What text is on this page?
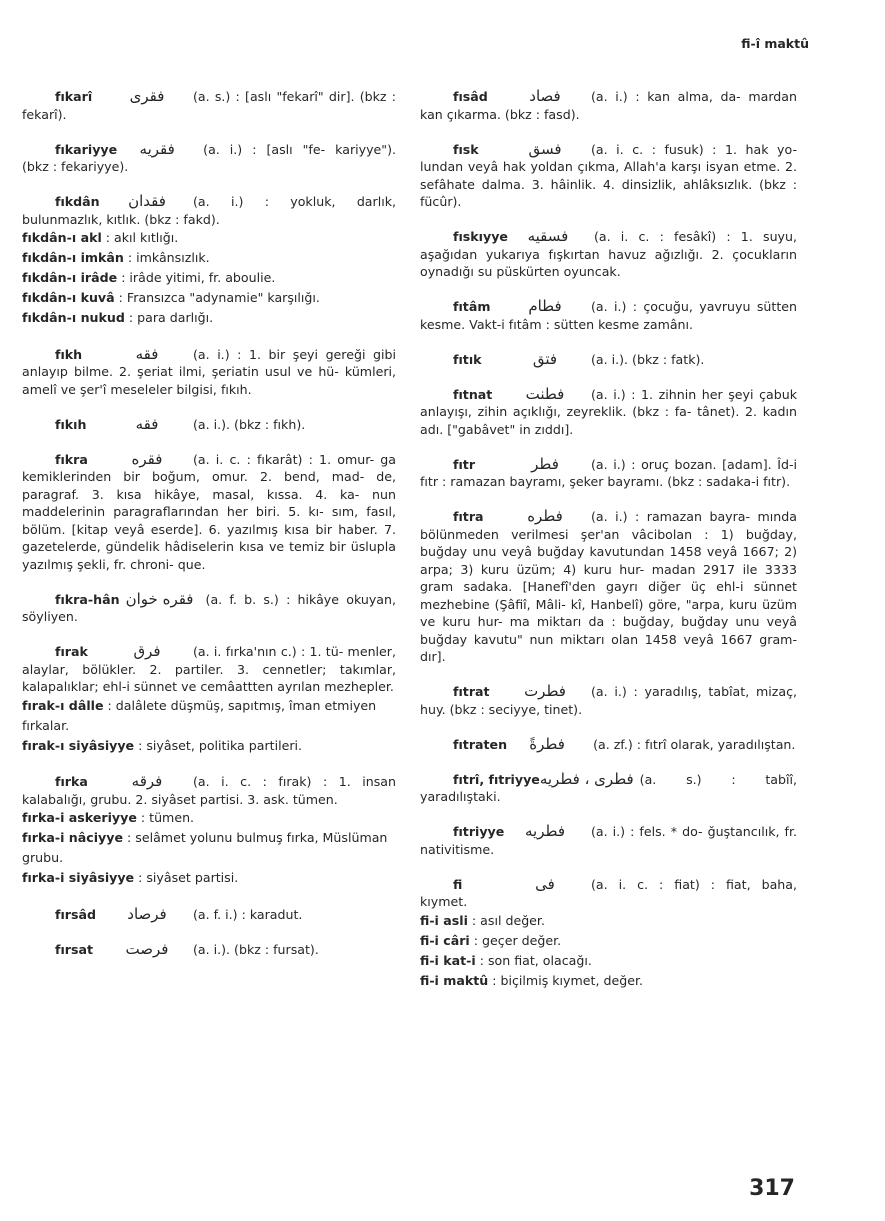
fi-î maktû

fıkarî فقرى (a. s.) : [aslı "fekarî" dir]. (bkz : fekarî).

fıkariyye فقريه (a. i.) : [aslı "fe- kariyye"). (bkz : fekariyye).

fıkdân فقدان (a. i.) : yokluk, darlık, bulunmazlık, kıtlık. (bkz : fakd).

fıkdân-ı akl : akıl kıtlığı.

fıkdân-ı imkân : imkânsızlık.

fıkdân-ı irâde : irâde yitimi, fr. aboulie.

fıkdân-ı kuvâ : Fransızca "adynamie" karşılığı.

fıkdân-ı nukud : para darlığı.

fıkh	فقه	(a. i.) : 1. bir şeyi gereği gibi anlayıp bilme. 2. şeriat ilmi, şeriatin usul ve hü- kümleri, amelî ve şer'î meseleler bilgisi, fıkıh.

fıkıh	فقه	(a. i.). (bkz : fıkh).

fıkra	فقره (a. i. c. : fıkarât) : 1. omur- ga kemiklerinden bir boğum, omur. 2. bend, mad- de, paragraf. 3. kısa hikâye, masal, kıssa. 4. ka- nun maddelerinin paragraflarından her biri. 5. kı- sım, fasıl, bölüm. [kitap veyâ eserde]. 6. yazılmış kısa bir haber. 7. gazetelerde, gündelik hâdiselerin kısa ve temiz bir üslupla yazılmış şekli, fr. chroni- que.

fıkra-hân فقره خوان (a. f. b. s.) : hikâye okuyan, söyliyen.

fırak	فرق	(a. i. fırka'nın c.) : 1. tü- menler, alaylar, bölükler. 2. partiler. 3. cennetler; takımlar, kalapalıklar; ehl-i sünnet ve cemâattten ayrılan mezhepler.

fırak-ı dâlle : dalâlete düşmüş, sapıtmış, îman etmiyen fırkalar.

fırak-ı siyâsiyye : siyâset, politika partileri.

fırka	فرقه (a. i. c. : fırak) : 1. insan kalabalığı, grubu. 2. siyâset partisi. 3. ask. tümen.

fırka-i askeriyye : tümen.

fırka-i nâciyye : selâmet yolunu bulmuş fırka, Müslüman grubu.

fırka-i siyâsiyye : siyâset partisi.

fırsâd فرصاد (a. f. i.) : karadut.

fırsat فرصت (a. i.). (bkz : fursat).

fısâd	فصاد (a. i.) : kan alma, da- mardan kan çıkarma. (bkz : fasd).

fısk	فسق (a. i. c. : fusuk) : 1. hak yo- lundan veyâ hak yoldan çıkma, Allah'a karşı isyan etme. 2. sefâhate dalma. 3. hâinlik. 4. dinsizlik, ahlâksızlık. (bkz : fücûr).

fıskıyye فسقيه (a. i. c. : fesâkî) : 1. suyu, aşağıdan yukarıya fışkırtan havuz ağızlığı. 2. çocukların oynadığı su püskürten oyuncak.

fıtâm	فطام (a. i.) : çocuğu, yavruyu sütten kesme. Vakt-i fıtâm : sütten kesme zamânı.

fıtık	فتق	(a. i.). (bkz : fatk).

fıtnat فطنت (a. i.) : 1. zihnin her şeyi çabuk anlayışı, zihin açıklığı, zeyreklik. (bkz : fa- tânet). 2. kadın adı. ["gabâvet" in zıddı].

fıtr	فطر	(a. i.) : oruç bozan. [adam]. Îd-i fıtr : ramazan bayramı, şeker bayramı. (bkz : sadaka-i fıtr).

fıtra	فطره (a. i.) : ramazan bayra- mında bölünmeden verilmesi şer'an vâcibolan : 1) buğday, buğday unu veyâ buğday kavutundan 1458 veyâ 1667; 2) arpa; 3) kuru üzüm; 4) kuru hur- madan 2917 ile 3333 gram sadaka. [Hanefî'den gayrı diğer üç ehl-i sünnet mezhebine (Şâfiî, Mâli- kî, Hanbelî) göre, "arpa, kuru üzüm ve kuru hur- ma miktarı da : buğday, buğday unu veyâ buğday kavutu" nun miktarı olan 1458 veyâ 1667 gram- dır].

fıtrat فطرت (a. i.) : yaradılış, tabîat, mizaç, huy. (bkz : seciyye, tinet).

fıtraten فطرةً (a. zf.) : fıtrî olarak, yaradılıştan.

fıtrî, fıtriyyeفطرى ، فطريه (a. s.) : tabîî, yaradılıştaki.

fıtriyye فطريه (a. i.) : fels. * do- ğuştancılık, fr. nativitisme.

fi	فى	(a. i. c. : fiat) : fiat, baha, kıymet.

fi-i asli : asıl değer.

fi-i câri : geçer değer.

fi-i kat-i : son fiat, olacağı.

fi-i maktû : biçilmiş kıymet, değer.

317
